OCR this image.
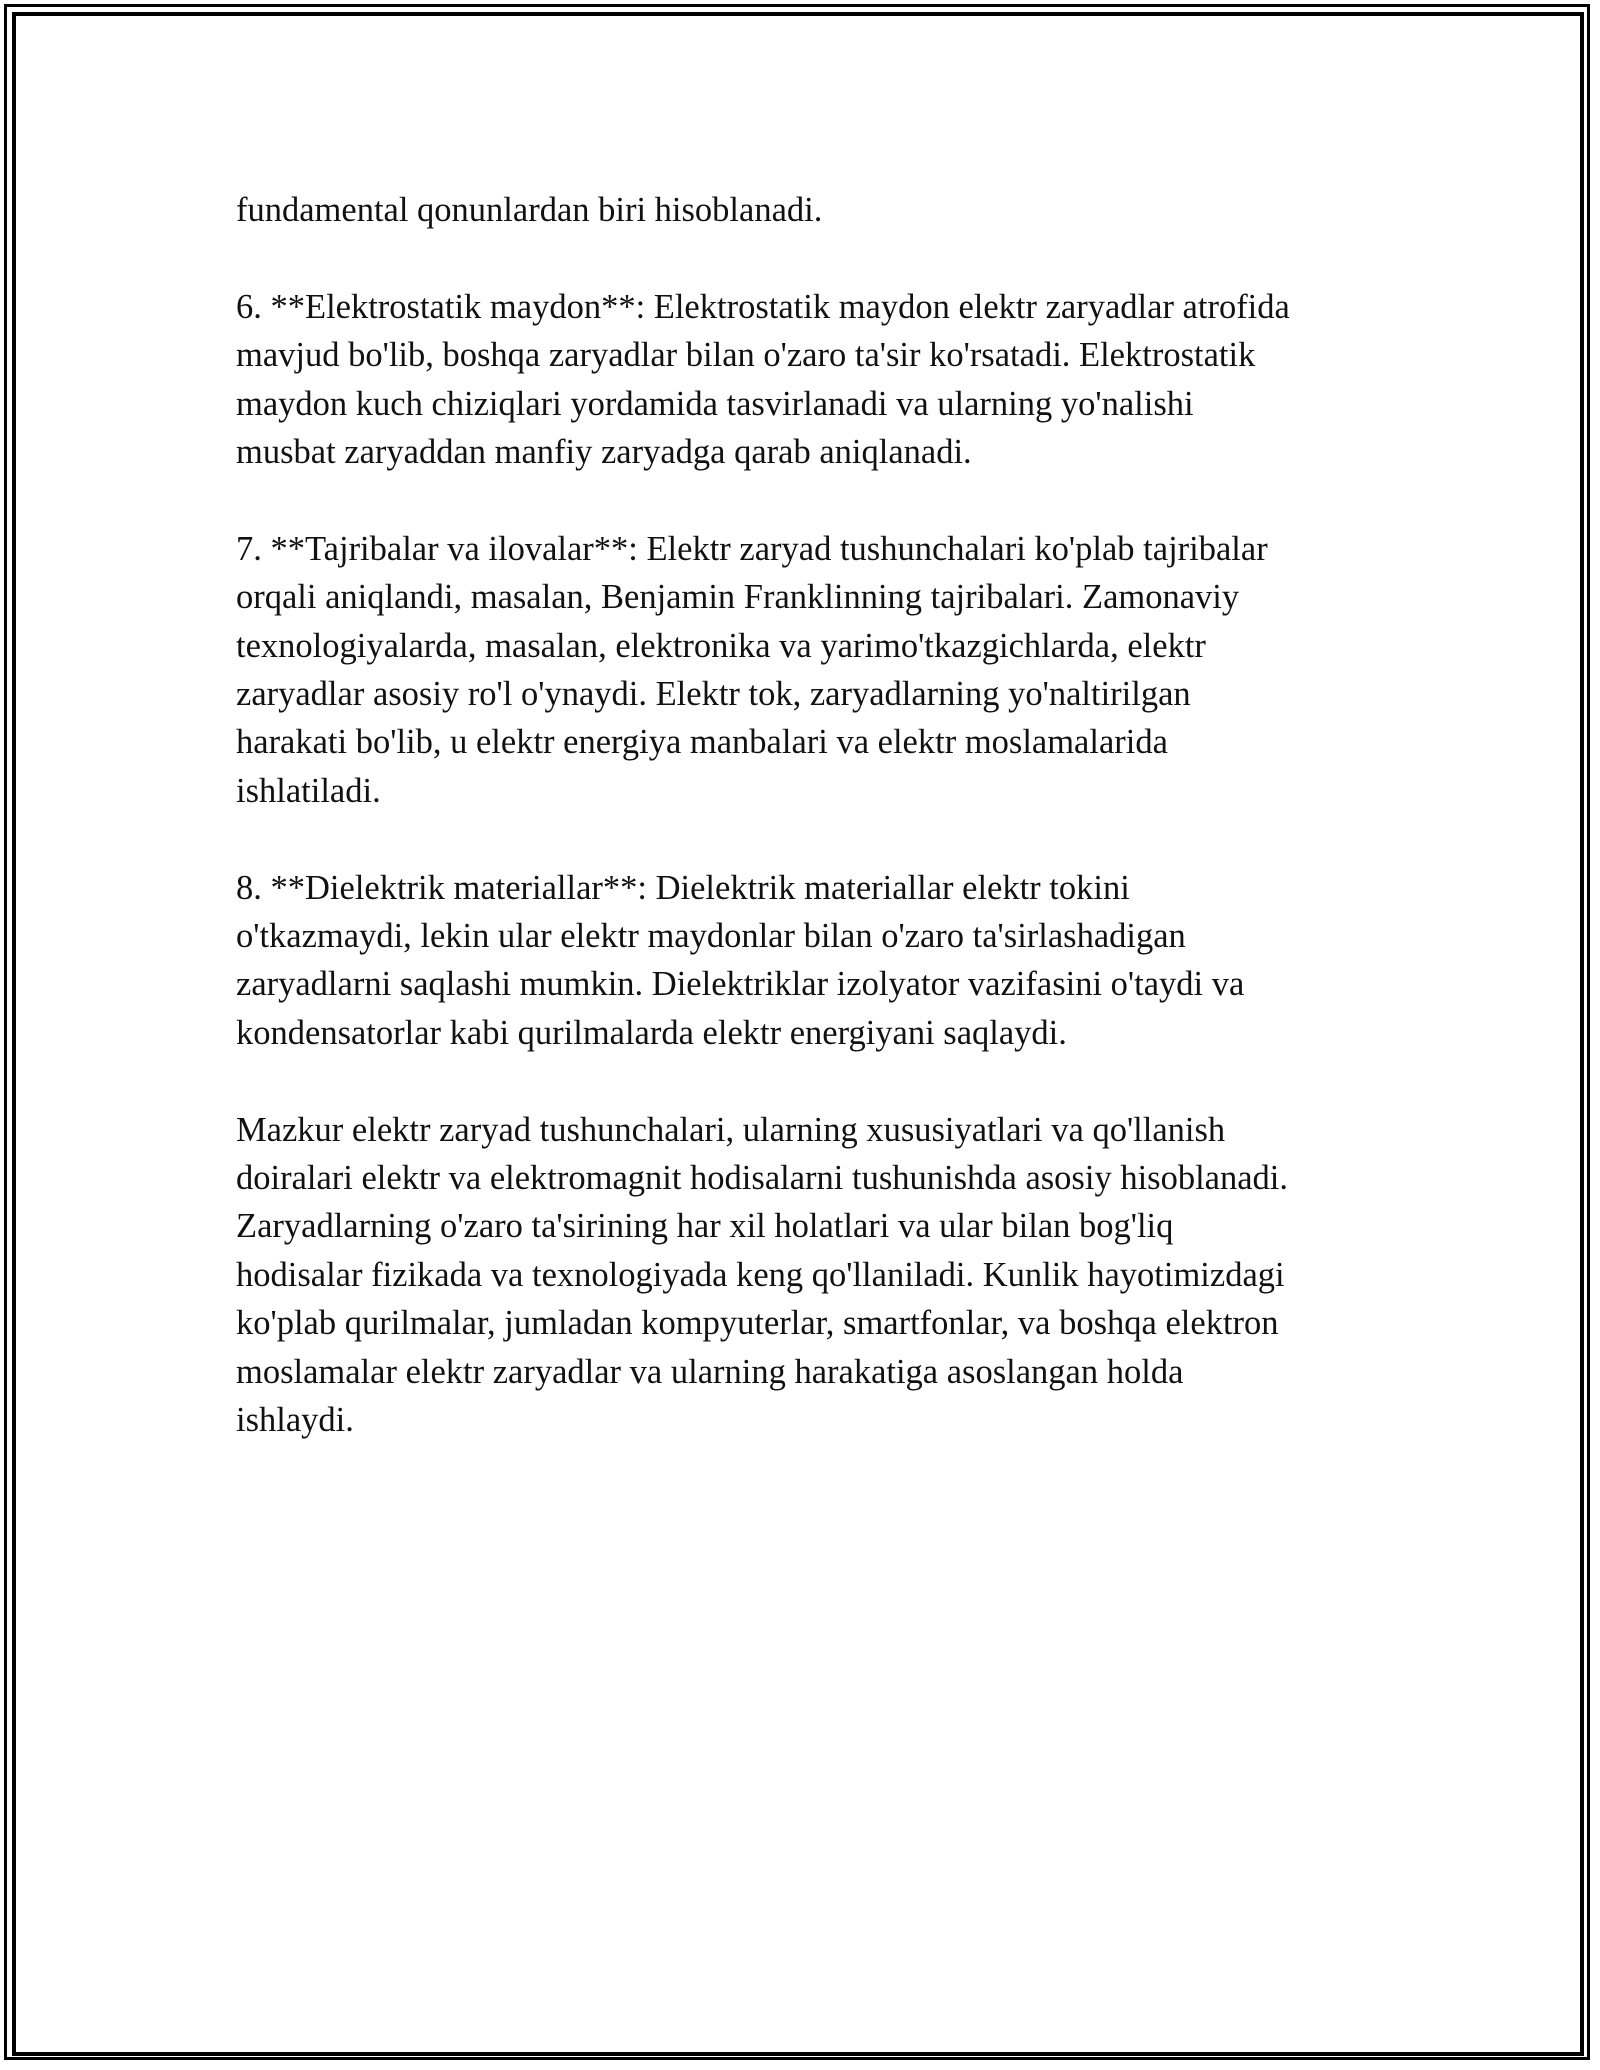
fundamental qonunlardan biri hisoblanadi.

6. **Elektrostatik maydon**: Elektrostatik maydon elektr zaryadlar atrofida
mavjud bo'lib, boshqa zaryadlar bilan o'zaro ta'sir ko'rsatadi. Elektrostatik
maydon kuch chiziqlari yordamida tasvirlanadi va ularning yo'nalishi
musbat zaryaddan manfiy zaryadga qarab aniqlanadi.

7. **Tajribalar va ilovalar**: Elektr zaryad tushunchalari ko'plab tajribalar
orqali aniqlandi, masalan, Benjamin Franklinning tajribalari. Zamonaviy
texnologiyalarda, masalan, elektronika va yarimo'tkazgichlarda, elektr
zaryadlar asosiy ro'l o'ynaydi. Elektr tok, zaryadlarning yo'naltirilgan
harakati bo'lib, u elektr energiya manbalari va elektr moslamalarida
ishlatiladi.

8. **Dielektrik materiallar**: Dielektrik materiallar elektr tokini
o'tkazmaydi, lekin ular elektr maydonlar bilan o'zaro ta'sirlashadigan
zaryadlarni saqlashi mumkin. Dielektriklar izolyator vazifasini o'taydi va
kondensatorlar kabi qurilmalarda elektr energiyani saqlaydi.

Mazkur elektr zaryad tushunchalari, ularning xususiyatlari va qo'llanish
doiralari elektr va elektromagnit hodisalarni tushunishda asosiy hisoblanadi.
Zaryadlarning o'zaro ta'sirining har xil holatlari va ular bilan bog'liq
hodisalar fizikada va texnologiyada keng qo'llaniladi. Kunlik hayotimizdagi
ko'plab qurilmalar, jumladan kompyuterlar, smartfonlar, va boshqa elektron
moslamalar elektr zaryadlar va ularning harakatiga asoslangan holda
ishlaydi.
